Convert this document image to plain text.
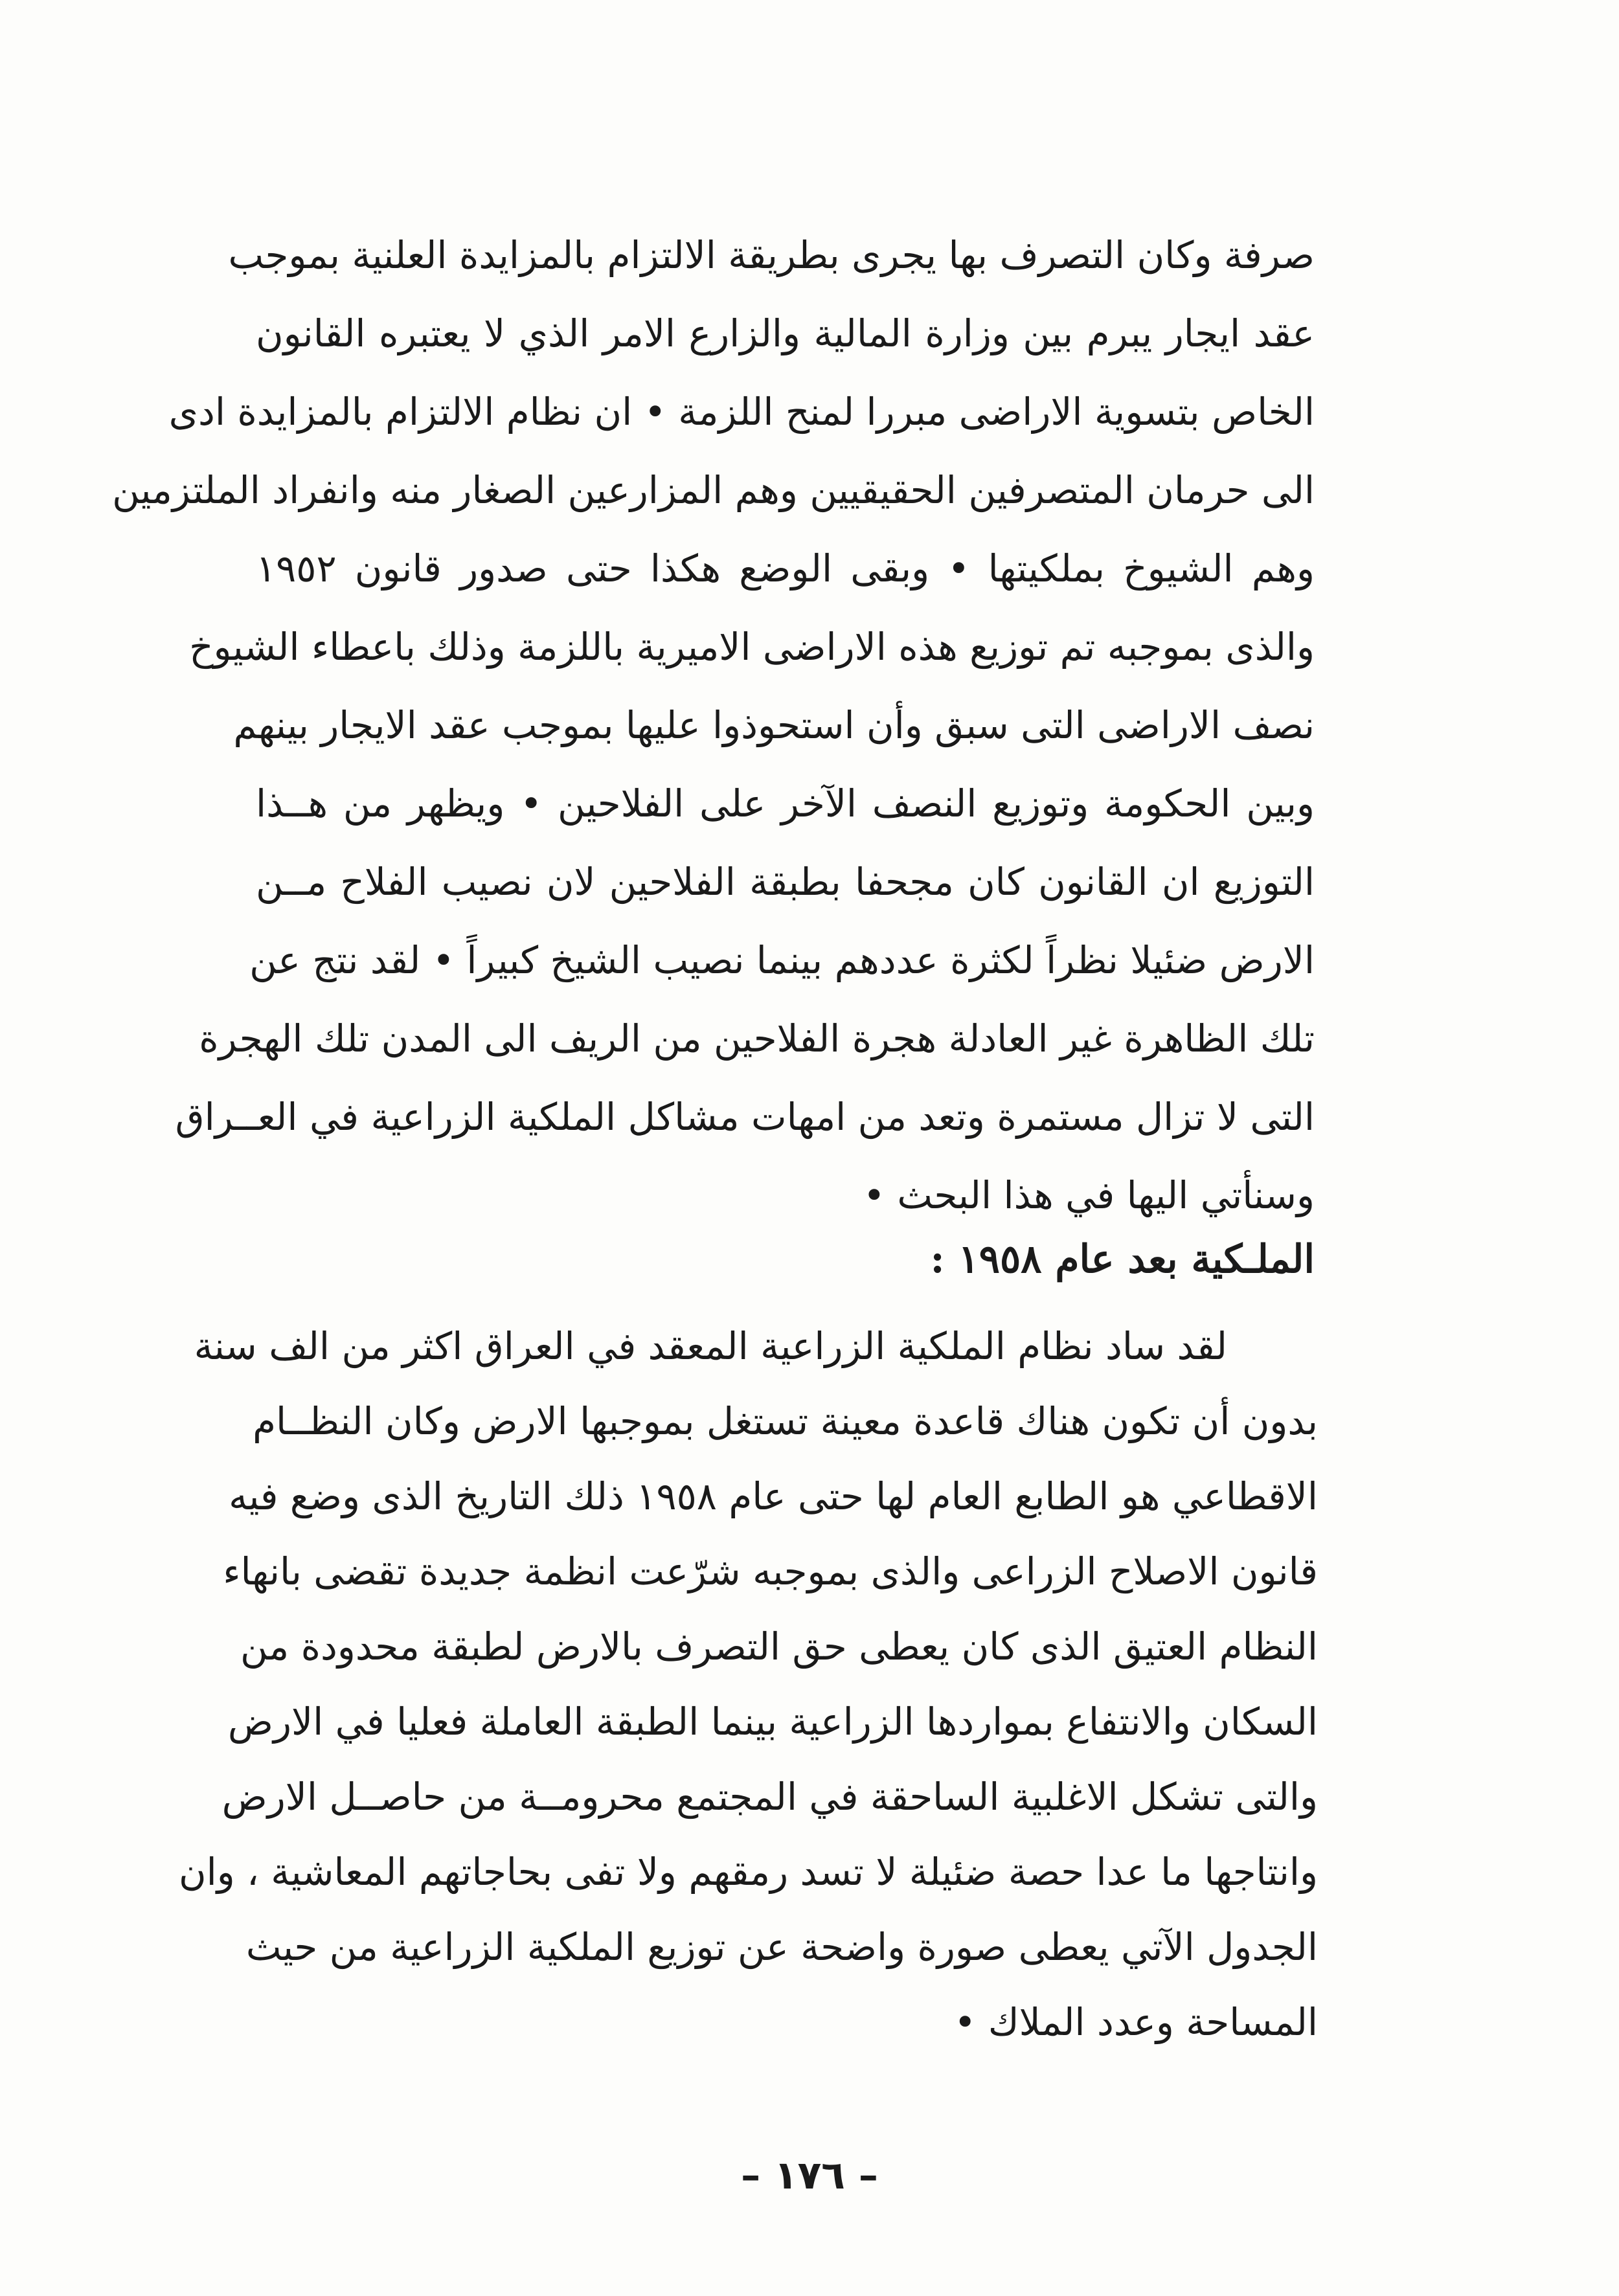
صرفة وكان التصرف بها يجرى بطريقة الالتزام بالمزايدة العلنية بموجب
عقد ايجار يبرم بين وزارة المالية والزارع الامر الذي لا يعتبره القانون
الخاص بتسوية الاراضى مبررا لمنح اللزمة • ان نظام الالتزام بالمزايدة ادى
الى حرمان المتصرفين الحقيقيين وهم المزارعين الصغار منه وانفراد الملتزمين
وهم الشيوخ بملكيتها • وبقى الوضع هكذا حتى صدور قانون ١٩٥٢
والذى بموجبه تم توزيع هذه الاراضى الاميرية باللزمة وذلك باعطاء الشيوخ
نصف الاراضى التى سبق وأن استحوذوا عليها بموجب عقد الايجار بينهم
وبين الحكومة وتوزيع النصف الآخر على الفلاحين • ويظهر من هــذا
التوزيع ان القانون كان مجحفا بطبقة الفلاحين لان نصيب الفلاح مــن
الارض ضئيلا نظراً لكثرة عددهم بينما نصيب الشيخ كبيراً • لقد نتج عن
تلك الظاهرة غير العادلة هجرة الفلاحين من الريف الى المدن تلك الهجرة
التى لا تزال مستمرة وتعد من امهات مشاكل الملكية الزراعية في العــراق
وسنأتي اليها في هذا البحث •
الملـكية بعد عام ١٩٥٨ :
لقد ساد نظام الملكية الزراعية المعقد في العراق اكثر من الف سنة
بدون أن تكون هناك قاعدة معينة تستغل بموجبها الارض وكان النظــام
الاقطاعي هو الطابع العام لها حتى عام ١٩٥٨ ذلك التاريخ الذى وضع فيه
قانون الاصلاح الزراعى والذى بموجبه شرّعت انظمة جديدة تقضى بانهاء
النظام العتيق الذى كان يعطى حق التصرف بالارض لطبقة محدودة من
السكان والانتفاع بمواردها الزراعية بينما الطبقة العاملة فعليا في الارض
والتى تشكل الاغلبية الساحقة في المجتمع محرومــة من حاصــل الارض
وانتاجها ما عدا حصة ضئيلة لا تسد رمقهم ولا تفى بحاجاتهم المعاشية ، وان
الجدول الآتي يعطى صورة واضحة عن توزيع الملكية الزراعية من حيث
المساحة وعدد الملاك •
– ١٧٦ –
